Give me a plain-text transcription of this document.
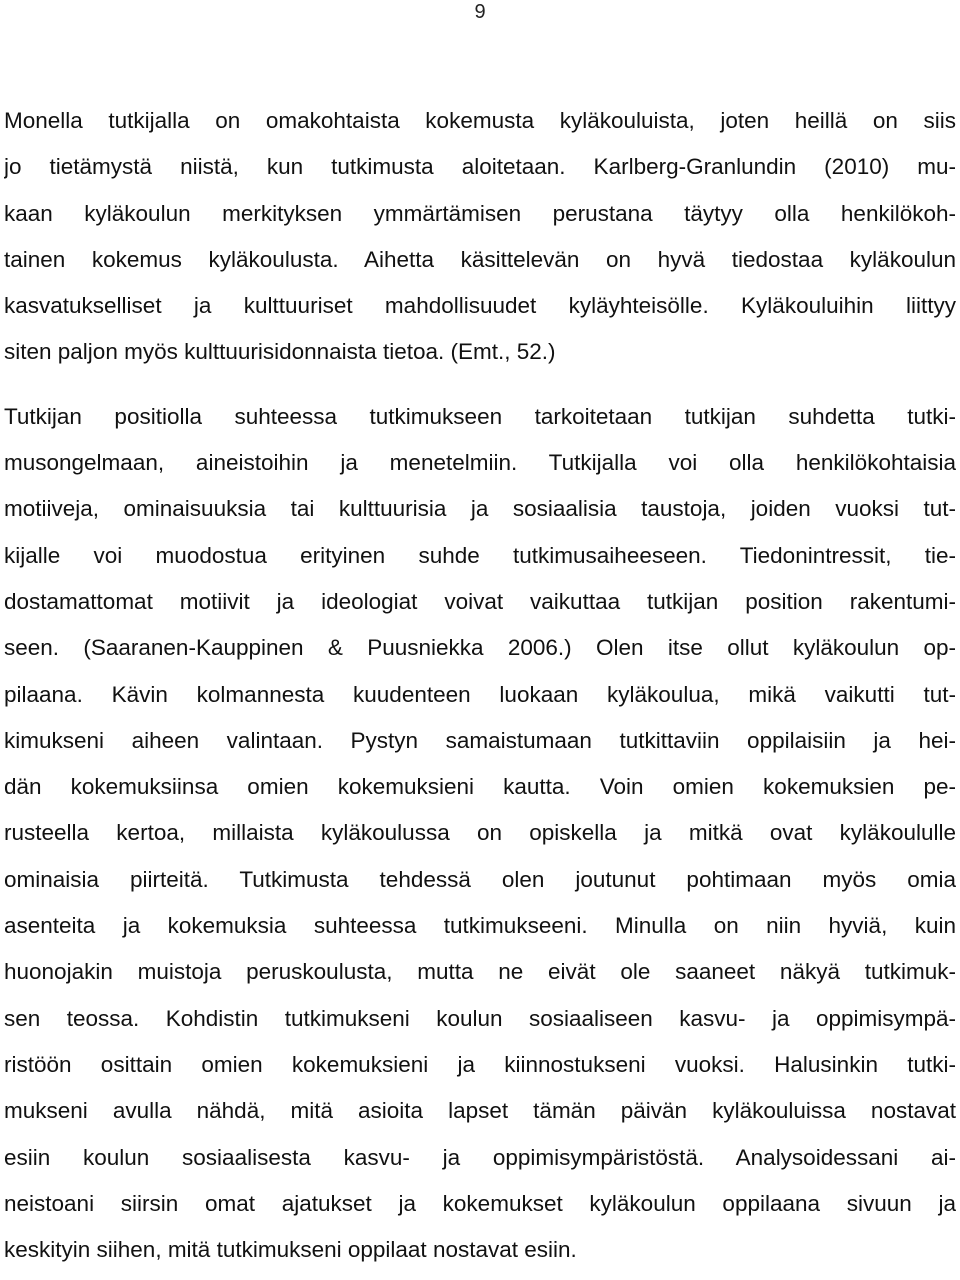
9
Monella tutkijalla on omakohtaista kokemusta kyläkouluista, joten heillä on siis
jo tietämystä niistä, kun tutkimusta aloitetaan. Karlberg-Granlundin (2010) mu-
kaan kyläkoulun merkityksen ymmärtämisen perustana täytyy olla henkilökoh-
tainen kokemus kyläkoulusta. Aihetta käsittelevän on hyvä tiedostaa kyläkoulun
kasvatukselliset ja kulttuuriset mahdollisuudet kyläyhteisölle. Kyläkouluihin liittyy
siten paljon myös kulttuurisidonnaista tietoa. (Emt., 52.)
Tutkijan positiolla suhteessa tutkimukseen tarkoitetaan tutkijan suhdetta tutki-
musongelmaan, aineistoihin ja menetelmiin. Tutkijalla voi olla henkilökohtaisia
motiiveja, ominaisuuksia tai kulttuurisia ja sosiaalisia taustoja, joiden vuoksi tut-
kijalle voi muodostua erityinen suhde tutkimusaiheeseen. Tiedonintressit, tie-
dostamattomat motiivit ja ideologiat voivat vaikuttaa tutkijan position rakentumi-
seen. (Saaranen-Kauppinen & Puusniekka 2006.) Olen itse ollut kyläkoulun op-
pilaana. Kävin kolmannesta kuudenteen luokaan kyläkoulua, mikä vaikutti tut-
kimukseni aiheen valintaan. Pystyn samaistumaan tutkittaviin oppilaisiin ja hei-
dän kokemuksiinsa omien kokemuksieni kautta. Voin omien kokemuksien pe-
rusteella kertoa, millaista kyläkoulussa on opiskella ja mitkä ovat kyläkoululle
ominaisia piirteitä. Tutkimusta tehdessä olen joutunut pohtimaan myös omia
asenteita ja kokemuksia suhteessa tutkimukseeni. Minulla on niin hyviä, kuin
huonojakin muistoja peruskoulusta, mutta ne eivät ole saaneet näkyä tutkimuk-
sen teossa. Kohdistin tutkimukseni koulun sosiaaliseen kasvu- ja oppimisympä-
ristöön osittain omien kokemuksieni ja kiinnostukseni vuoksi. Halusinkin tutki-
mukseni avulla nähdä, mitä asioita lapset tämän päivän kyläkouluissa nostavat
esiin koulun sosiaalisesta kasvu- ja oppimisympäristöstä. Analysoidessani ai-
neistoani siirsin omat ajatukset ja kokemukset kyläkoulun oppilaana sivuun ja
keskityin siihen, mitä tutkimukseni oppilaat nostavat esiin.
